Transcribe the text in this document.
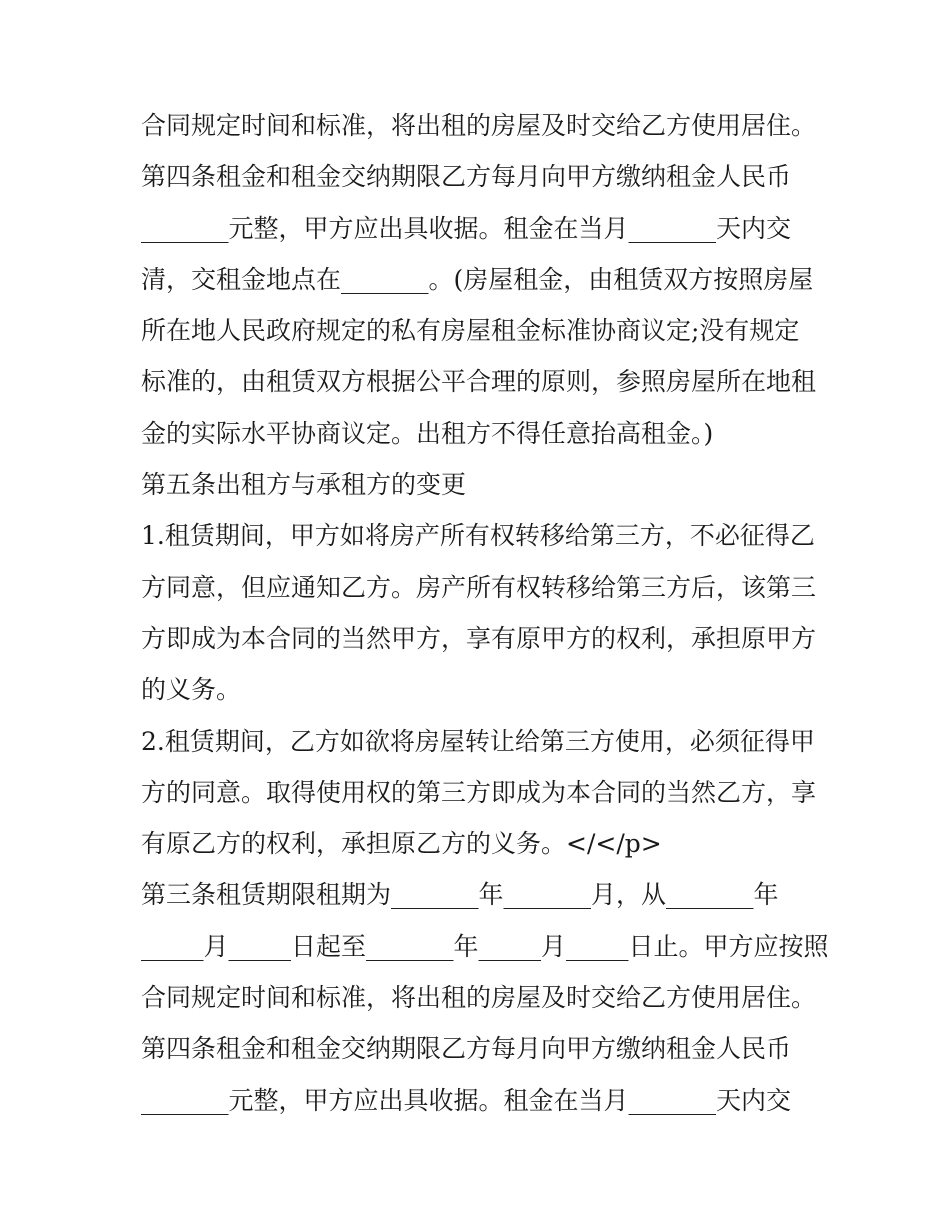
合同规定时间和标准，将出租的房屋及时交给乙方使用居住。
第四条租金和租金交纳期限乙方每月向甲方缴纳租金人民币
_______元整，甲方应出具收据。租金在当月_______天内交
清，交租金地点在_______。(房屋租金，由租赁双方按照房屋
所在地人民政府规定的私有房屋租金标准协商议定;没有规定
标准的，由租赁双方根据公平合理的原则，参照房屋所在地租
金的实际水平协商议定。出租方不得任意抬高租金。)
第五条出租方与承租方的变更
1.租赁期间，甲方如将房产所有权转移给第三方，不必征得乙
方同意，但应通知乙方。房产所有权转移给第三方后，该第三
方即成为本合同的当然甲方，享有原甲方的权利，承担原甲方
的义务。
2.租赁期间，乙方如欲将房屋转让给第三方使用，必须征得甲
方的同意。取得使用权的第三方即成为本合同的当然乙方，享
有原乙方的权利，承担原乙方的义务。</</p>
第三条租赁期限租期为_______年_______月，从_______年
_____月_____日起至_______年_____月_____日止。甲方应按照
合同规定时间和标准，将出租的房屋及时交给乙方使用居住。
第四条租金和租金交纳期限乙方每月向甲方缴纳租金人民币
_______元整，甲方应出具收据。租金在当月_______天内交
